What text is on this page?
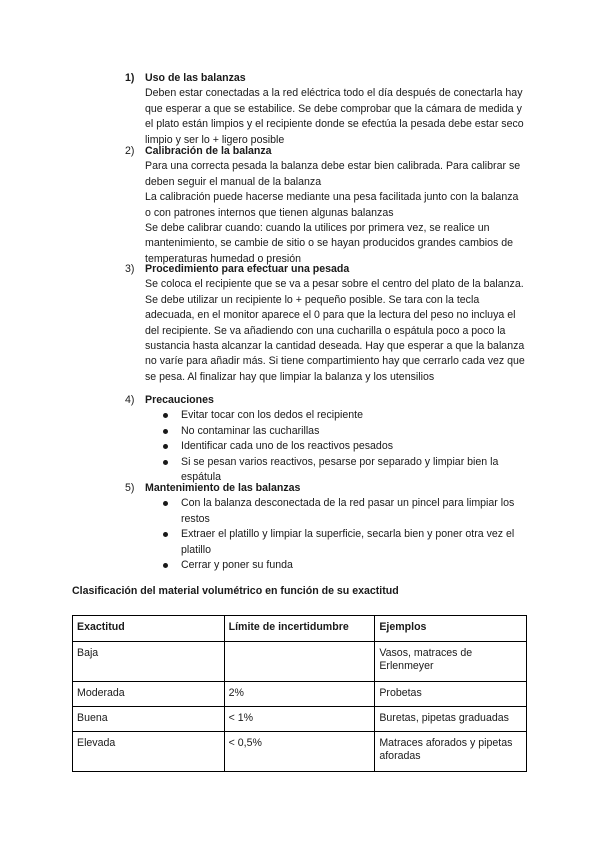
1) Uso de las balanzas

Deben estar conectadas a la red eléctrica todo el día después de conectarla hay que esperar a que se estabilice. Se debe comprobar que la cámara de medida y el plato están limpios y el recipiente donde se efectúa la pesada debe estar seco limpio y ser lo + ligero posible

2) Calibración de la balanza

Para una correcta pesada la balanza debe estar bien calibrada. Para calibrar se deben seguir el manual de la balanza

La calibración puede hacerse mediante una pesa facilitada junto con la balanza o con patrones internos que tienen algunas balanzas

Se debe calibrar cuando: cuando la utilices por primera vez, se realice un mantenimiento, se cambie de sitio o se hayan producidos grandes cambios de temperaturas humedad o presión

3) Procedimiento para efectuar una pesada

Se coloca el recipiente que se va a pesar sobre el centro del plato de la balanza. Se debe utilizar un recipiente lo + pequeño posible. Se tara con la tecla adecuada, en el monitor aparece el 0 para que la lectura del peso no incluya el del recipiente. Se va añadiendo con una cucharilla o espátula poco a poco la sustancia hasta alcanzar la cantidad deseada. Hay que esperar a que la balanza no varíe para añadir más. Si tiene compartimiento hay que cerrarlo cada vez que se pesa. Al finalizar hay que limpiar la balanza y los utensilios

4) Precauciones
Evitar tocar con los dedos el recipiente
No contaminar las cucharillas
Identificar cada uno de los reactivos pesados
Si se pesan varios reactivos, pesarse por separado y limpiar bien la espátula
5) Mantenimiento de las balanzas
Con la balanza desconectada de la red pasar un pincel para limpiar los restos
Extraer el platillo y limpiar la superficie, secarla bien y poner otra vez el platillo
Cerrar y poner su funda
Clasificación del material volumétrico en función de su exactitud
Exactitud	Límite de incertidumbre	Ejemplos
Baja		Vasos, matraces de Erlenmeyer
Moderada	2%	Probetas
Buena	< 1%	Buretas, pipetas graduadas
Elevada	< 0,5%	Matraces aforados y pipetas aforadas
